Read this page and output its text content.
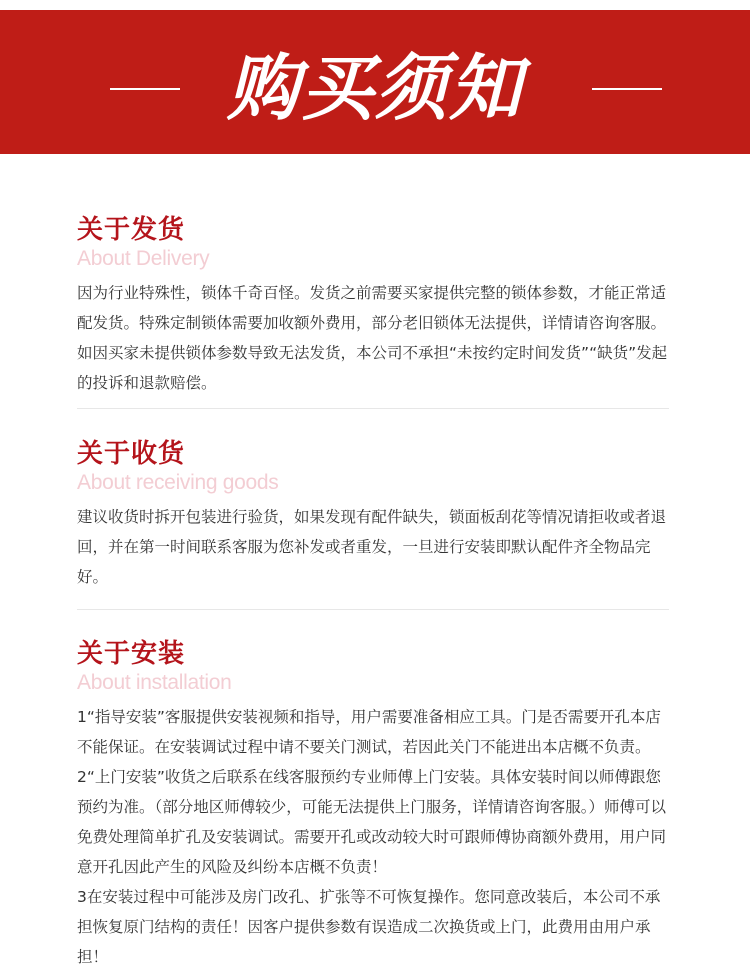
购买须知
关于发货
About Delivery

因为行业特殊性，锁体千奇百怪。发货之前需要买家提供完整的锁体参数，才能正常适配发货。特殊定制锁体需要加收额外费用，部分老旧锁体无法提供，详情请咨询客服。如因买家未提供锁体参数导致无法发货，本公司不承担“未按约定时间发货”“缺货”发起的投诉和退款赔偿。

关于收货
About receiving goods

建议收货时拆开包装进行验货，如果发现有配件缺失，锁面板刮花等情况请拒收或者退回，并在第一时间联系客服为您补发或者重发，一旦进行安装即默认配件齐全物品完好。

关于安装
About installation

1“指导安装”客服提供安装视频和指导，用户需要准备相应工具。门是否需要开孔本店不能保证。在安装调试过程中请不要关门测试，若因此关门不能进出本店概不负责。

2“上门安装”收货之后联系在线客服预约专业师傅上门安装。具体安装时间以师傅跟您预约为准。（部分地区师傅较少，可能无法提供上门服务，详情请咨询客服。）师傅可以免费处理简单扩孔及安装调试。需要开孔或改动较大时可跟师傅协商额外费用，用户同意开孔因此产生的风险及纠纷本店概不负责！

3在安装过程中可能涉及房门改孔、扩张等不可恢复操作。您同意改装后，本公司不承担恢复原门结构的责任！因客户提供参数有误造成二次换货或上门，此费用由用户承担！
